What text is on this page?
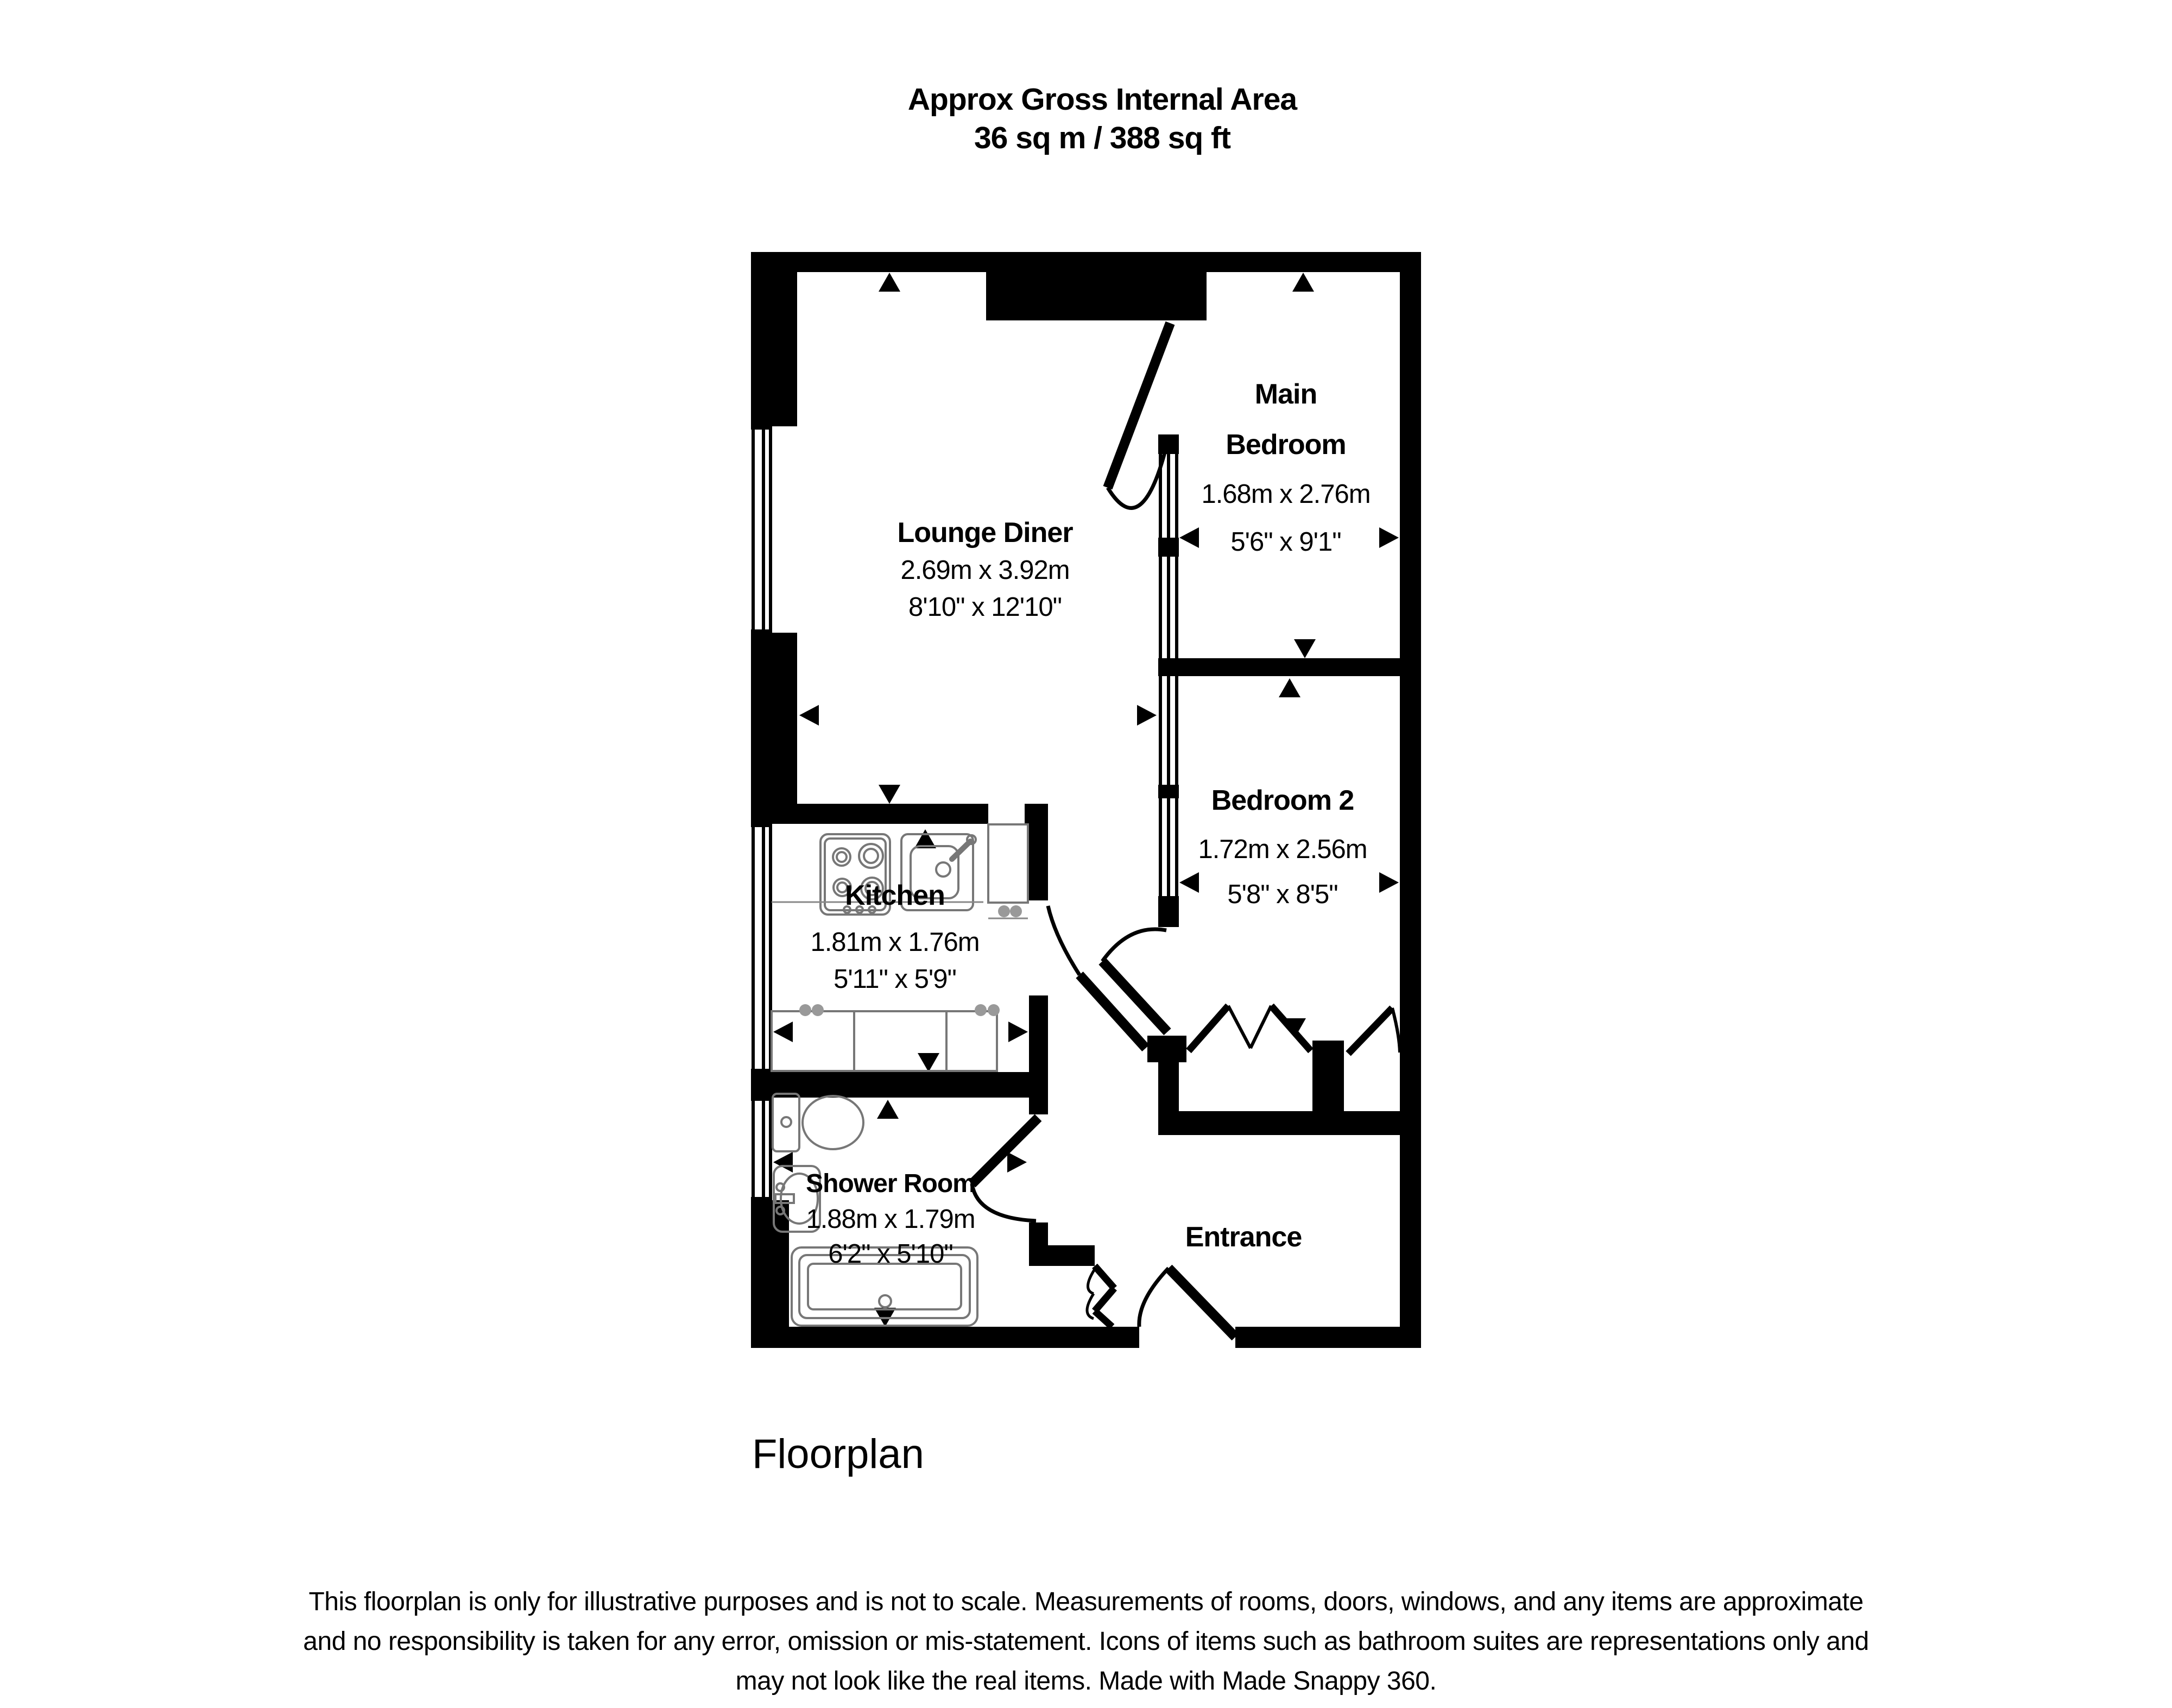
Approx Gross Internal Area
36 sq m / 388 sq ft
Lounge Diner
2.69m x 3.92m
8'10" x 12'10"
Main
Bedroom
1.68m x 2.76m
5'6" x 9'1"
Bedroom 2
1.72m x 2.56m
5'8" x 8'5"
Kitchen
1.81m x 1.76m
5'11" x 5'9"
Shower Room
1.88m x 1.79m
6'2" x 5'10"
Entrance
Floorplan
This floorplan is only for illustrative purposes and is not to scale. Measurements of rooms, doors, windows, and any items are approximate
and no responsibility is taken for any error, omission or mis-statement. Icons of items such as bathroom suites are representations only and
may not look like the real items. Made with Made Snappy 360.
